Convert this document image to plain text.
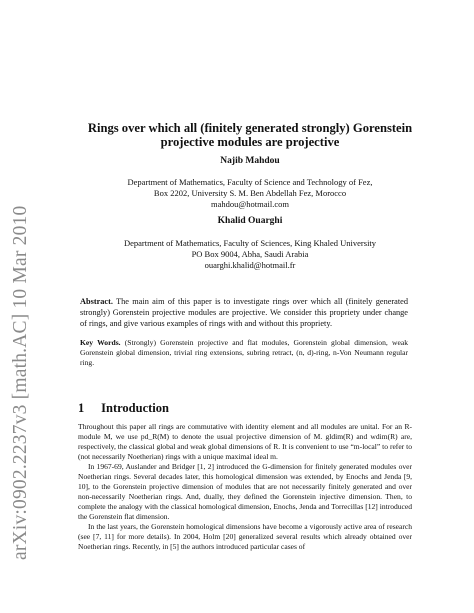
arXiv:0902.2237v3 [math.AC] 10 Mar 2010
Rings over which all (finitely generated strongly) Gorenstein
projective modules are projective
Najib Mahdou
Department of Mathematics, Faculty of Science and Technology of Fez,
Box 2202, University S. M. Ben Abdellah Fez, Morocco
mahdou@hotmail.com
Khalid Ouarghi
Department of Mathematics, Faculty of Sciences, King Khaled University
PO Box 9004, Abha, Saudi Arabia
ouarghi.khalid@hotmail.fr
Abstract. The main aim of this paper is to investigate rings over which all (finitely generated strongly) Gorenstein projective modules are projective. We consider this propriety under change of rings, and give various examples of rings with and without this propriety.
Key Words. (Strongly) Gorenstein projective and flat modules, Gorenstein global dimension, weak Gorenstein global dimension, trivial ring extensions, subring retract, (n, d)-ring, n-Von Neumann regular ring.
1 Introduction

Throughout this paper all rings are commutative with identity element and all modules are unital. For an R-module M, we use pd_R(M) to denote the usual projective dimension of M. gldim(R) and wdim(R) are, respectively, the classical global and weak global dimensions of R. It is convenient to use “m-local” to refer to (not necessarily Noetherian) rings with a unique maximal ideal m.

In 1967-69, Auslander and Bridger [1, 2] introduced the G-dimension for finitely generated modules over Noetherian rings. Several decades later, this homological dimension was extended, by Enochs and Jenda [9, 10], to the Gorenstein projective dimension of modules that are not necessarily finitely generated and over non-necessarily Noetherian rings. And, dually, they defined the Gorenstein injective dimension. Then, to complete the analogy with the classical homological dimension, Enochs, Jenda and Torrecillas [12] introduced the Gorenstein flat dimension.

In the last years, the Gorenstein homological dimensions have become a vigorously active area of research (see [7, 11] for more details). In 2004, Holm [20] generalized several results which already obtained over Noetherian rings. Recently, in [5] the authors introduced particular cases of
